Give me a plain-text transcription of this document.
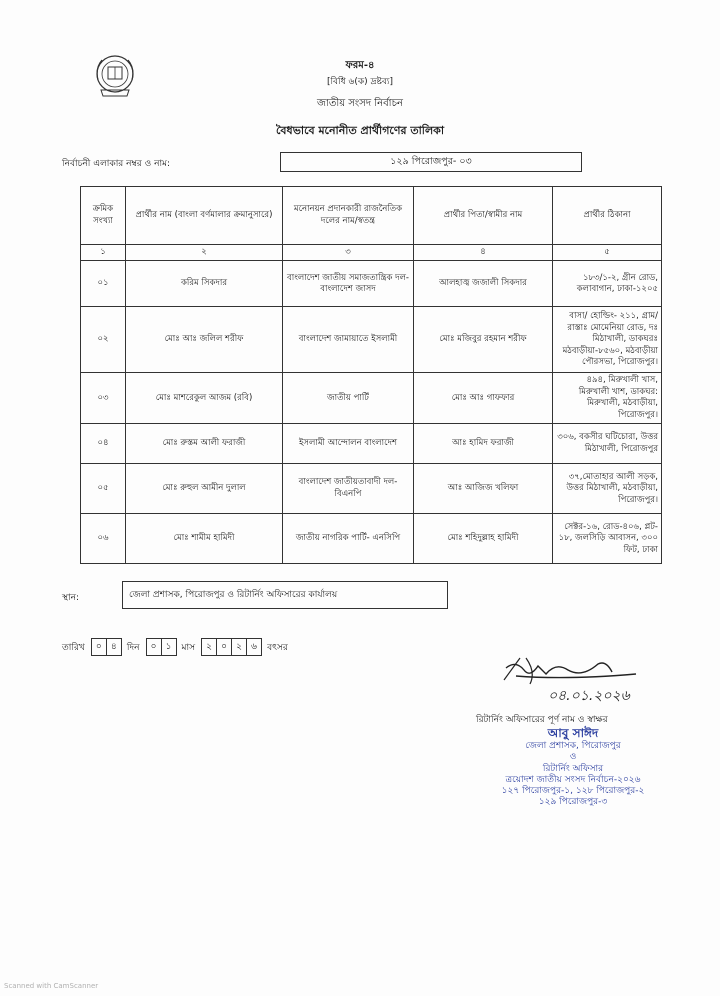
ফরম-৪
[বিধি ৬(ক) দ্রষ্টব্য]
জাতীয় সংসদ নির্বাচন
বৈধভাবে মনোনীত প্রার্থীগণের তালিকা
নির্বাচনী এলাকার নম্বর ও নাম:	১২৯ পিরোজপুর- ০৩
ক্রমিক সংখ্যা	প্রার্থীর নাম (বাংলা বর্ণমালার ক্রমানুসারে)	মনোনয়ন প্রদানকারী রাজনৈতিক দলের নাম/স্বতন্ত্র	প্রার্থীর পিতা/স্বামীর নাম	প্রার্থীর ঠিকানা
১	২	৩	৪	৫
০১	করিম সিকদার	বাংলাদেশ জাতীয় সমাজতান্ত্রিক দল- বাংলাদেশ জাসদ	আলহাজ্ব জজালী সিকদার	১৮৩/১-২, গ্রীন রোড, কলাবাগান, ঢাকা-১২০৫
০২	মোঃ আঃ জলিল শরীফ	বাংলাদেশ জামায়াতে ইসলামী	মোঃ মজিবুর রহমান শরীফ	বাসা/ হোল্ডিং- ২১১, গ্রাম/রাস্তাঃ মোমেনিয়া রোড, দঃ মিঠাখালী, ডাকঘরঃ মঠবাড়ীয়া-৮৫৬০, মঠবাড়ীয়া পৌরসভা, পিরোজপুর।
০৩	মোঃ মাশরেকুল আজম (রবি)	জাতীয় পার্টি	মোঃ আঃ গাফফার	৪৯৪, মিরুখালী খাস, মিরুখালী খাশ, ডাকঘর: মিরুখালী, মঠবাড়ীয়া, পিরোজপুর।
০৪	মোঃ রুস্তম আলী ফরাজী	ইসলামী আন্দোলন বাংলাদেশ	আঃ হামিদ ফরাজী	৩০৬, বকসীর ঘটিচোরা, উত্তর মিঠাখালী, পিরোজপুর
০৫	মোঃ রুহুল আমীন দুলাল	বাংলাদেশ জাতীয়তাবাদী দল- বিএনপি	আঃ আজিজ খলিফা	৩৭,মোতাহার আলী সড়ক, উত্তর মিঠাখালী, মঠবাড়ীয়া, পিরোজপুর।
০৬	মোঃ শামীম হামিদী	জাতীয় নাগরিক পার্টি- এনসিপি	মোঃ শহিদুল্লাহ হামিদী	সেক্টর-১৬, রোড-৪০৬, প্লট- ১৮, জলসিড়ি আবাসন, ৩০০ ফিট, ঢাকা
স্থান:	জেলা প্রশাসক, পিরোজপুর ও রিটার্নিং অফিসারের কার্যালয়
তারিখ	০	৪	দিন	০	১	মাস	২	০	২	৬	বৎসর
০৪.০১.২০২৬
রিটার্নিং অফিসারের পূর্ণ নাম ও স্বাক্ষর
আবু সাঈদ
জেলা প্রশাসক, পিরোজপুর
ও
রিটার্নিং অফিসার
ত্রয়োদশ জাতীয় সংসদ নির্বাচন-২০২৬
১২৭ পিরোজপুর-১, ১২৮ পিরোজপুর-২
১২৯ পিরোজপুর-৩
Scanned with CamScanner
